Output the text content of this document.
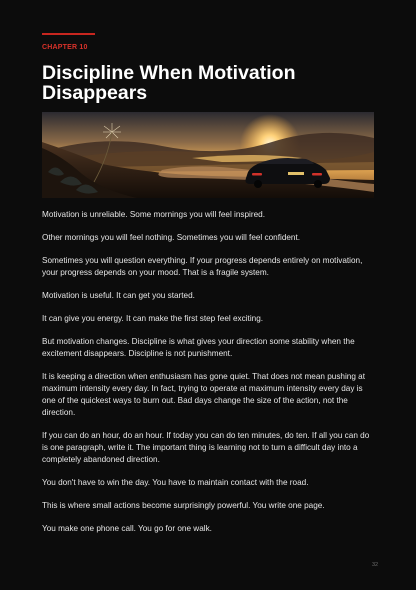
CHAPTER 10
Discipline When Motivation Disappears

Motivation is unreliable. Some mornings you will feel inspired.

Other mornings you will feel nothing. Sometimes you will feel confident.

Sometimes you will question everything. If your progress depends entirely on motivation, your progress depends on your mood. That is a fragile system.

Motivation is useful. It can get you started.

It can give you energy. It can make the first step feel exciting.

But motivation changes. Discipline is what gives your direction some stability when the excitement disappears. Discipline is not punishment.

It is keeping a direction when enthusiasm has gone quiet. That does not mean pushing at maximum intensity every day. In fact, trying to operate at maximum intensity every day is one of the quickest ways to burn out. Bad days change the size of the action, not the direction.

If you can do an hour, do an hour. If today you can do ten minutes, do ten. If all you can do is one paragraph, write it. The important thing is learning not to turn a difficult day into a completely abandoned direction.

You don't have to win the day. You have to maintain contact with the road.

This is where small actions become surprisingly powerful. You write one page.

You make one phone call. You go for one walk.

32
